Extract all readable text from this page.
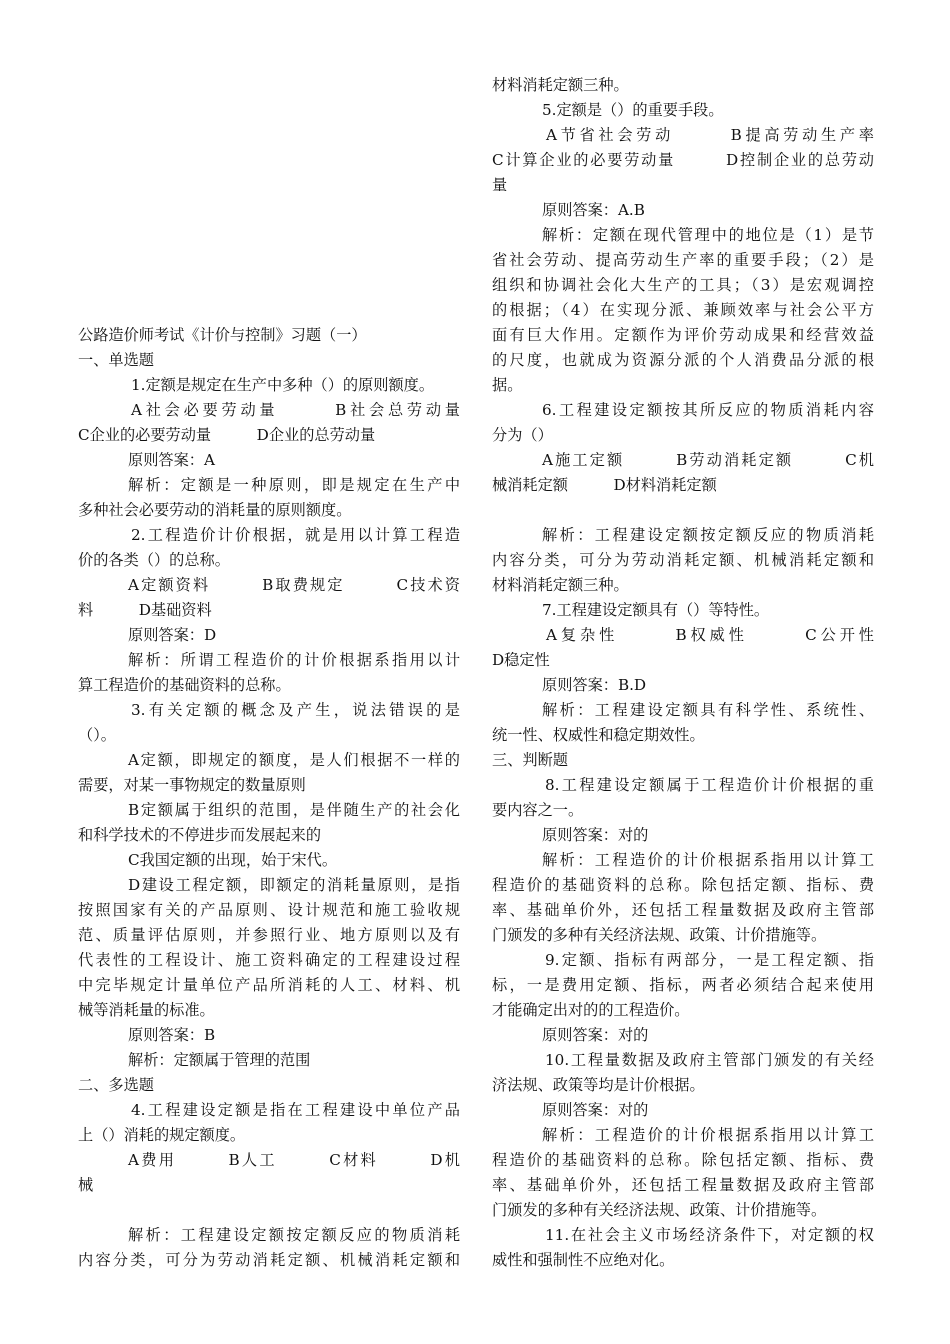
公路造价师考试《计价与控制》习题（一）
一、单选题
1.定额是规定在生产中多种（）的原则额度。
A社会必要劳动量　　　B社会总劳动量
C企业的必要劳动量　　　D企业的总劳动量
原则答案：A
解析：定额是一种原则，即是规定在生产中
多种社会必要劳动的消耗量的原则额度。
2.工程造价计价根据，就是用以计算工程造
价的各类（）的总称。
A定额资料　　　B取费规定　　　C技术资
料　　　D基础资料
原则答案：D
解析：所谓工程造价的计价根据系指用以计
算工程造价的基础资料的总称。
3.有关定额的概念及产生，说法错误的是
（）。
A定额，即规定的额度，是人们根据不一样的
需要，对某一事物规定的数量原则
B定额属于组织的范围，是伴随生产的社会化
和科学技术的不停进步而发展起来的
C我国定额的出现，始于宋代。
D建设工程定额，即额定的消耗量原则，是指
按照国家有关的产品原则、设计规范和施工验收规
范、质量评估原则，并参照行业、地方原则以及有
代表性的工程设计、施工资料确定的工程建设过程
中完毕规定计量单位产品所消耗的人工、材料、机
械等消耗量的标准。
原则答案：B
解析：定额属于管理的范围
二、多选题
4.工程建设定额是指在工程建设中单位产品
上（）消耗的规定额度。
A费用　　　B人工　　　C材料　　　D机
械
解析：工程建设定额按定额反应的物质消耗
内容分类，可分为劳动消耗定额、机械消耗定额和
材料消耗定额三种。
5.定额是（）的重要手段。
A节省社会劳动　　　B提高劳动生产率
C计算企业的必要劳动量　　　D控制企业的总劳动
量
原则答案：A.B
解析：定额在现代管理中的地位是（1）是节
省社会劳动、提高劳动生产率的重要手段；（2）是
组织和协调社会化大生产的工具；（3）是宏观调控
的根据；（4）在实现分派、兼顾效率与社会公平方
面有巨大作用。定额作为评价劳动成果和经营效益
的尺度，也就成为资源分派的个人消费品分派的根
据。
6.工程建设定额按其所反应的物质消耗内容
分为（）
A施工定额　　　B劳动消耗定额　　　C机
械消耗定额　　　D材料消耗定额
解析：工程建设定额按定额反应的物质消耗
内容分类，可分为劳动消耗定额、机械消耗定额和
材料消耗定额三种。
7.工程建设定额具有（）等特性。
A复杂性　　　B权威性　　　C公开性
D稳定性
原则答案：B.D
解析：工程建设定额具有科学性、系统性、
统一性、权威性和稳定期效性。
三、判断题
8.工程建设定额属于工程造价计价根据的重
要内容之一。
原则答案：对的
解析：工程造价的计价根据系指用以计算工
程造价的基础资料的总称。除包括定额、指标、费
率、基础单价外，还包括工程量数据及政府主管部
门颁发的多种有关经济法规、政策、计价措施等。
9.定额、指标有两部分，一是工程定额、指
标，一是费用定额、指标，两者必须结合起来使用
才能确定出对的的工程造价。
原则答案：对的
10.工程量数据及政府主管部门颁发的有关经
济法规、政策等均是计价根据。
原则答案：对的
解析：工程造价的计价根据系指用以计算工
程造价的基础资料的总称。除包括定额、指标、费
率、基础单价外，还包括工程量数据及政府主管部
门颁发的多种有关经济法规、政策、计价措施等。
11.在社会主义市场经济条件下，对定额的权
威性和强制性不应绝对化。
